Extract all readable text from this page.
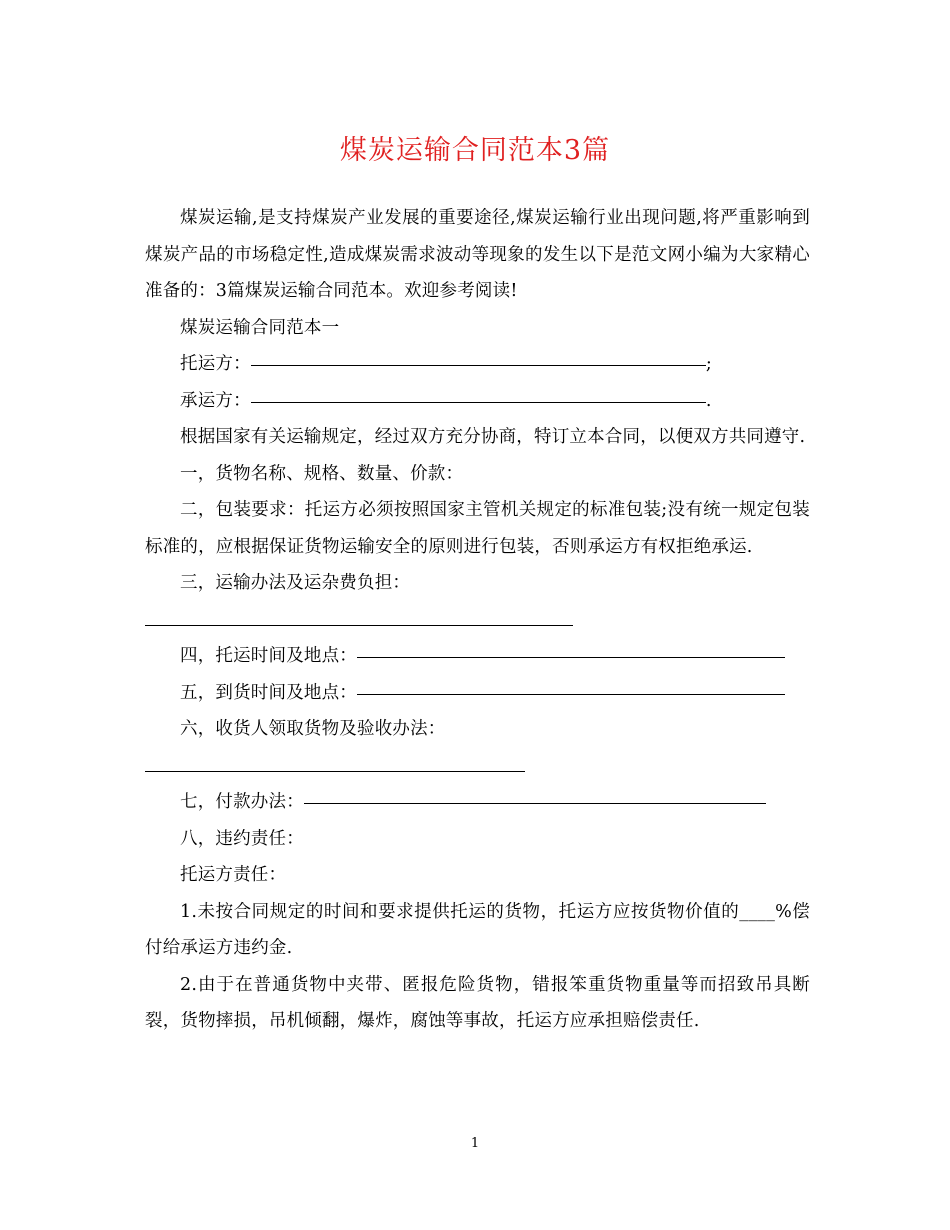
煤炭运输合同范本3篇

煤炭运输,是支持煤炭产业发展的重要途径,煤炭运输行业出现问题,将严重影响到煤炭产品的市场稳定性,造成煤炭需求波动等现象的发生以下是范文网小编为大家精心准备的：3篇煤炭运输合同范本。欢迎参考阅读!

煤炭运输合同范本一

托运方：	;

承运方：	.

根据国家有关运输规定，经过双方充分协商，特订立本合同，以便双方共同遵守.

一，货物名称、规格、数量、价款：

二，包装要求：托运方必须按照国家主管机关规定的标准包装;没有统一规定包装标准的，应根据保证货物运输安全的原则进行包装，否则承运方有权拒绝承运.

三，运输办法及运杂费负担：

四，托运时间及地点：

五，到货时间及地点：

六，收货人领取货物及验收办法：

七，付款办法：

八，违约责任：

托运方责任：

1.未按合同规定的时间和要求提供托运的货物，托运方应按货物价值的____%偿付给承运方违约金.

2.由于在普通货物中夹带、匿报危险货物，错报笨重货物重量等而招致吊具断裂，货物摔损，吊机倾翻，爆炸，腐蚀等事故，托运方应承担赔偿责任.

1
